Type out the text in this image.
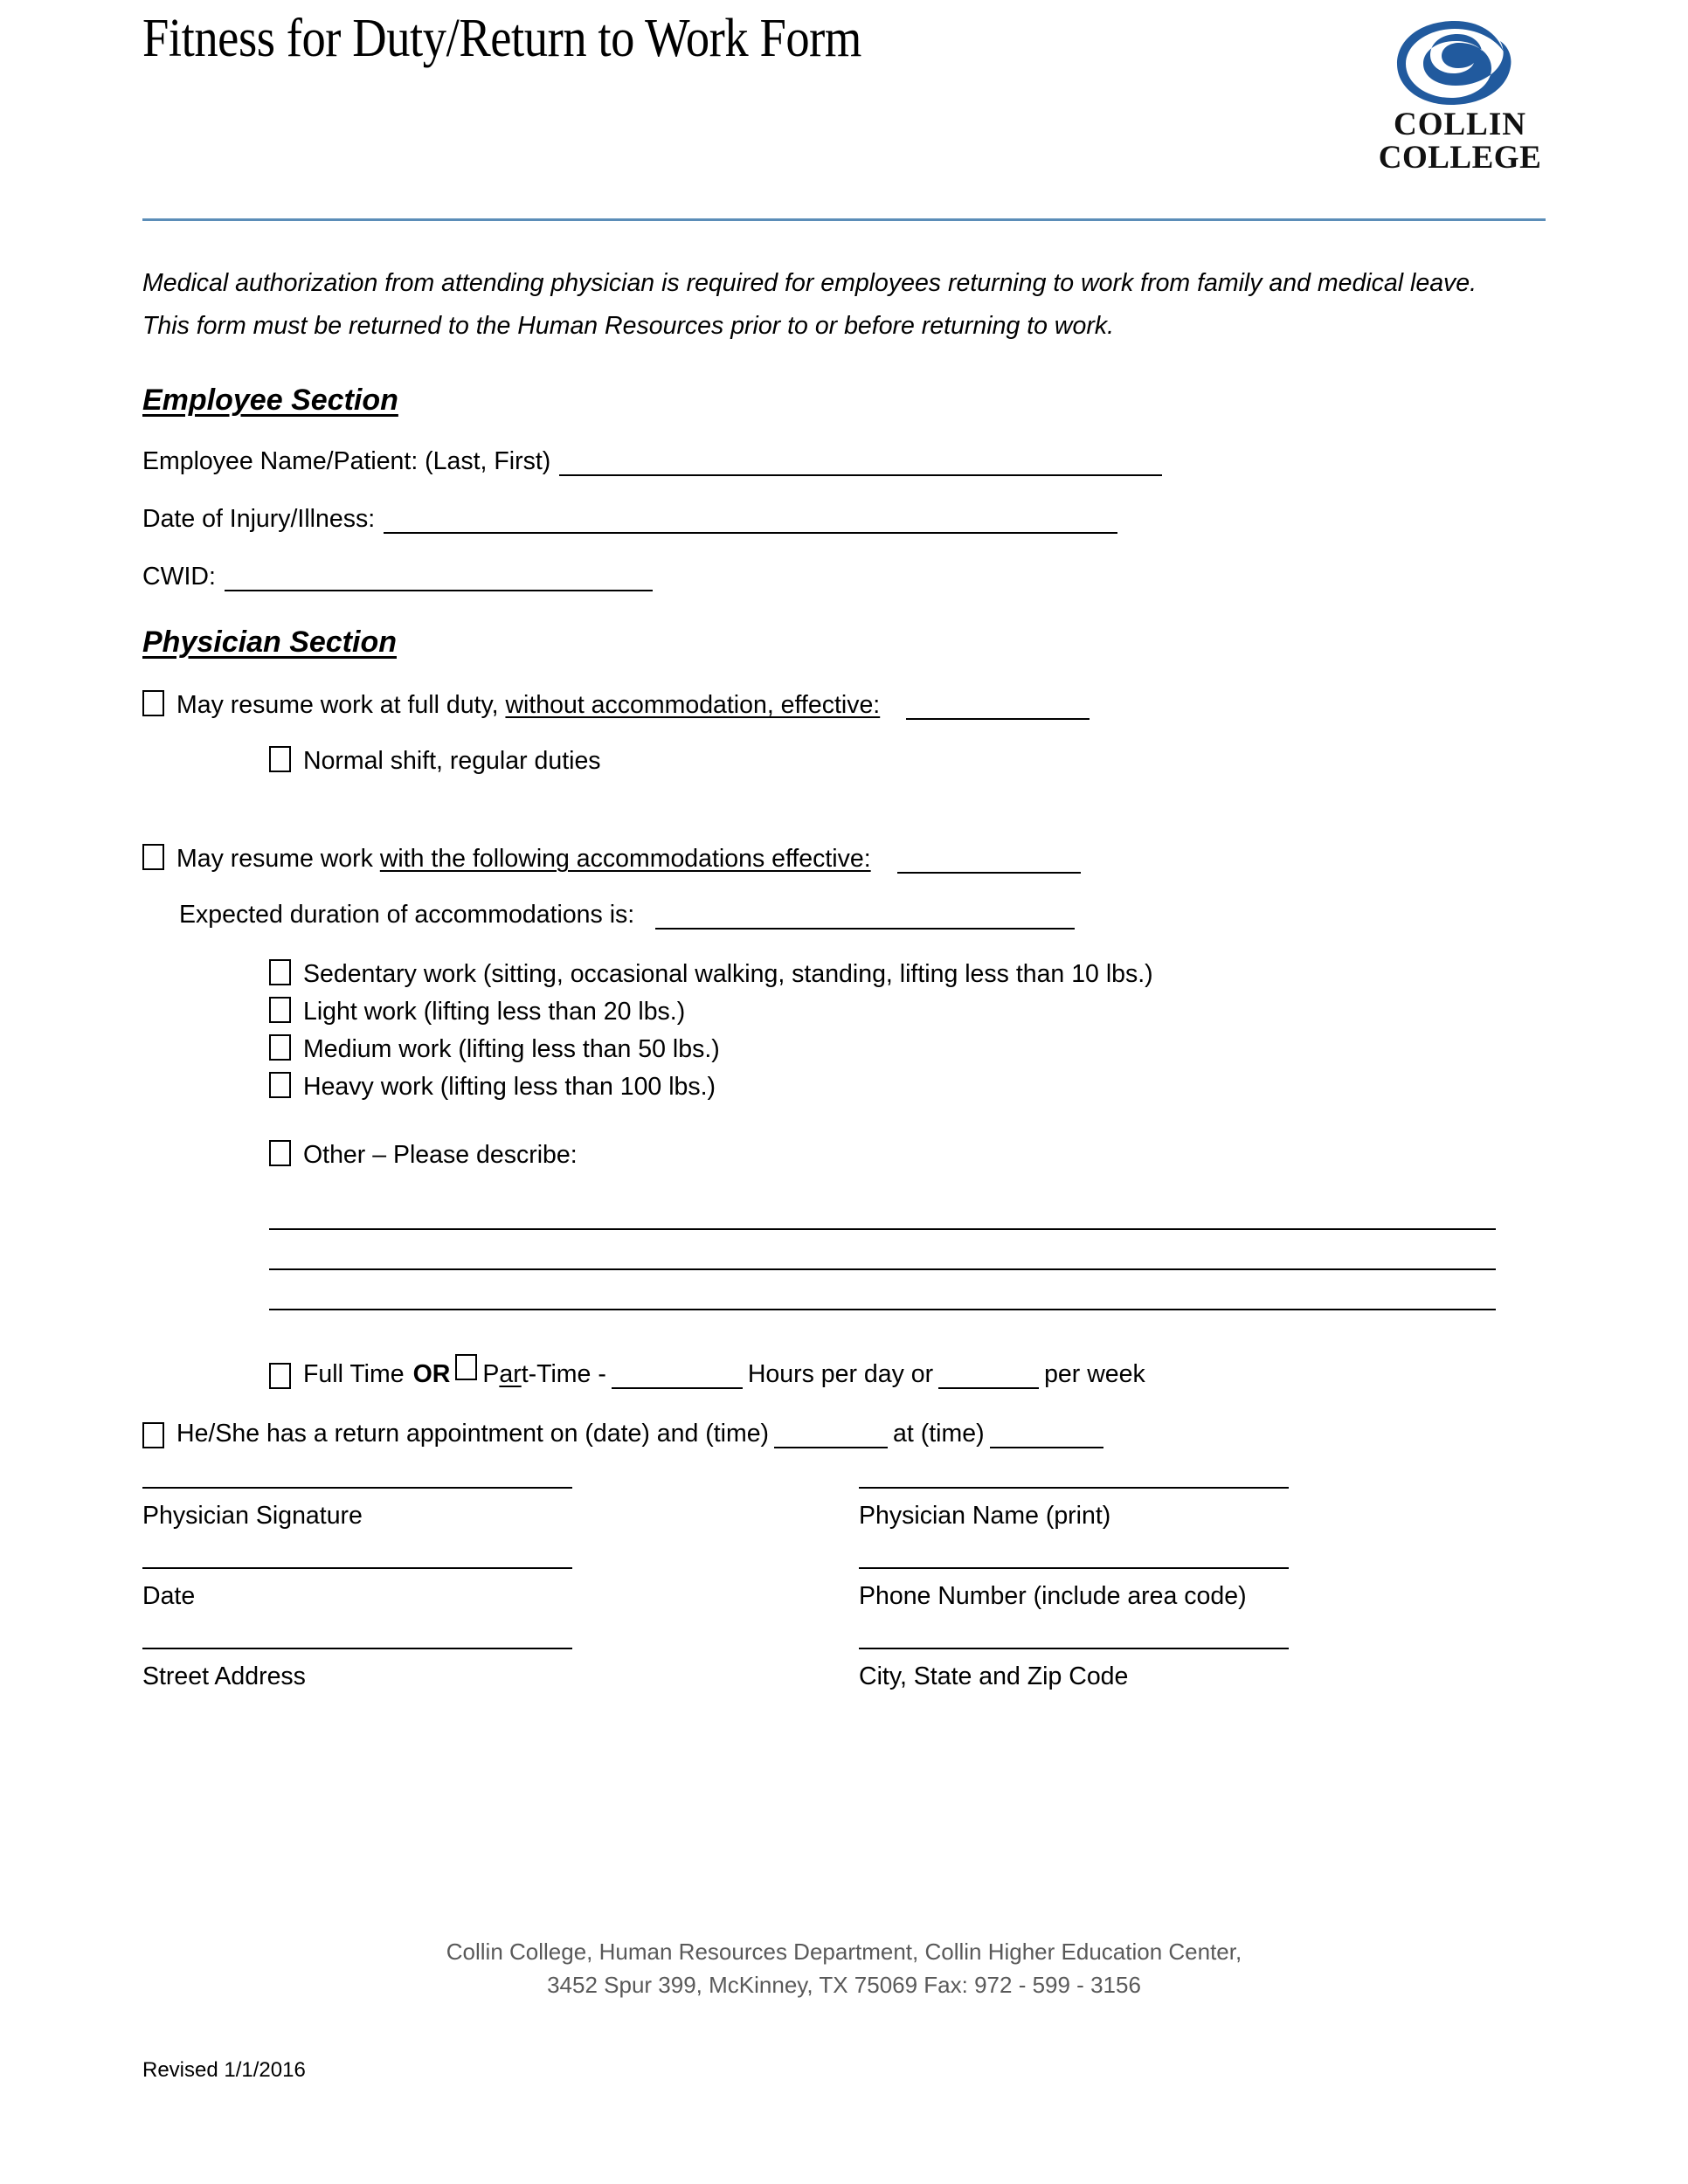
Fitness for Duty/Return to Work Form
COLLIN
COLLEGE

Medical authorization from attending physician is required for employees returning to work from family and medical leave. This form must be returned to the Human Resources prior to or before returning to work.

Employee Section
Employee Name/Patient: (Last, First)
Date of Injury/Illness:
CWID:
Physician Section
May resume work at full duty, without accommodation, effective:
Normal shift, regular duties
May resume work with the following accommodations effective:
Expected duration of accommodations is:
Sedentary work (sitting, occasional walking, standing, lifting less than 10 lbs.)
Light work (lifting less than 20 lbs.)
Medium work (lifting less than 50 lbs.)
Heavy work (lifting less than 100 lbs.)
Other – Please describe:
Full Time OR Part-Time -	Hours per day or	per week
He/She has a return appointment on (date) and (time)	at (time)
Physician Signature	Physician Name (print)
Date	Phone Number (include area code)
Street Address	City, State and Zip Code
Collin College, Human Resources Department, Collin Higher Education Center,
3452 Spur 399, McKinney, TX 75069 Fax: 972 - 599 - 3156
Revised 1/1/2016
